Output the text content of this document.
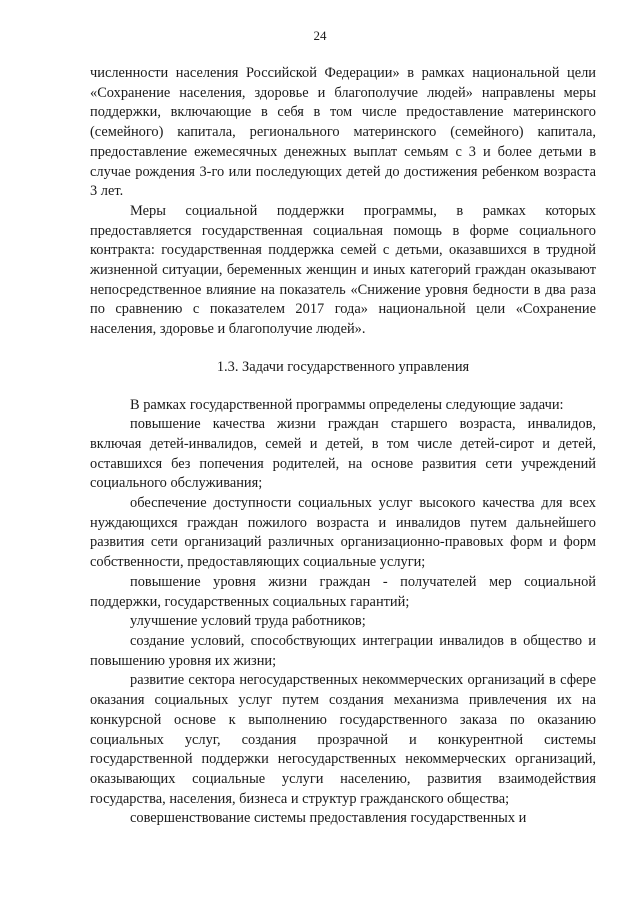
24

численности населения Российской Федерации» в рамках национальной цели «Сохранение населения, здоровье и благополучие людей» направлены меры поддержки, включающие в себя в том числе предоставление материнского (семейного) капитала, регионального материнского (семейного) капитала, предоставление ежемесячных денежных выплат семьям с 3 и более детьми в случае рождения 3-го или последующих детей до достижения ребенком возраста 3 лет.

Меры социальной поддержки программы, в рамках которых предоставляется государственная социальная помощь в форме социального контракта: государственная поддержка семей с детьми, оказавшихся в трудной жизненной ситуации, беременных женщин и иных категорий граждан оказывают непосредственное влияние на показатель «Снижение уровня бедности в два раза по сравнению с показателем 2017 года» национальной цели «Сохранение населения, здоровье и благополучие людей».

1.3. Задачи государственного управления

В рамках государственной программы определены следующие задачи:

повышение качества жизни граждан старшего возраста, инвалидов, включая детей-инвалидов, семей и детей, в том числе детей-сирот и детей, оставшихся без попечения родителей, на основе развития сети учреждений социального обслуживания;

обеспечение доступности социальных услуг высокого качества для всех нуждающихся граждан пожилого возраста и инвалидов путем дальнейшего развития сети организаций различных организационно-правовых форм и форм собственности, предоставляющих социальные услуги;

повышение уровня жизни граждан - получателей мер социальной поддержки, государственных социальных гарантий;

улучшение условий труда работников;

создание условий, способствующих интеграции инвалидов в общество и повышению уровня их жизни;

развитие сектора негосударственных некоммерческих организаций в сфере оказания социальных услуг путем создания механизма привлечения их на конкурсной основе к выполнению государственного заказа по оказанию социальных услуг, создания прозрачной и конкурентной системы государственной поддержки негосударственных некоммерческих организаций, оказывающих социальные услуги населению, развития взаимодействия государства, населения, бизнеса и структур гражданского общества;

совершенствование системы предоставления государственных и
